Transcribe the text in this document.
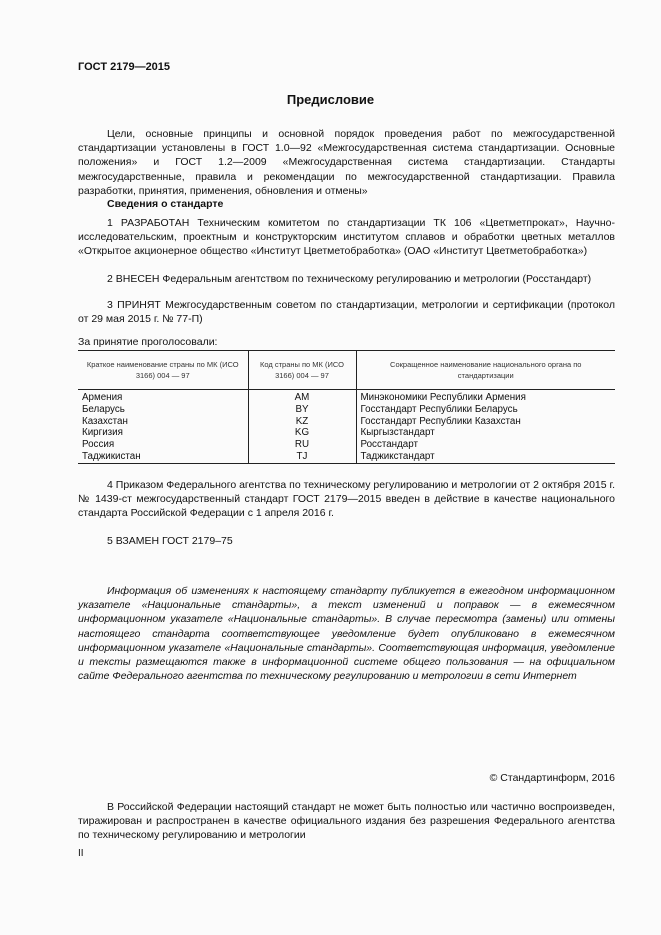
ГОСТ 2179—2015
Предисловие
Цели, основные принципы и основной порядок проведения работ по межгосударственной стандартизации установлены в ГОСТ 1.0—92 «Межгосударственная система стандартизации. Основные положения» и ГОСТ 1.2—2009 «Межгосударственная система стандартизации. Стандарты межгосударственные, правила и рекомендации по межгосударственной стандартизации. Правила разработки, принятия, применения, обновления и отмены»
Сведения о стандарте
1 РАЗРАБОТАН Техническим комитетом по стандартизации ТК 106 «Цветметпрокат», Научно-исследовательским, проектным и конструкторским институтом сплавов и обработки цветных металлов «Открытое акционерное общество «Институт Цветметобработка» (ОАО «Институт Цветметобработка»)
2 ВНЕСЕН Федеральным агентством по техническому регулированию и метрологии (Росстандарт)
3 ПРИНЯТ Межгосударственным советом по стандартизации, метрологии и сертификации (протокол от 29 мая 2015 г. № 77-П)
За принятие проголосовали:
Краткое наименование страны по МК (ИСО 3166) 004 — 97	Код страны по МК (ИСО 3166) 004 — 97	Сокращенное наименование национального органа по стандартизации
Армения	AM	Минэкономики Республики Армения
Беларусь	BY	Госстандарт Республики Беларусь
Казахстан	KZ	Госстандарт Республики Казахстан
Киргизия	KG	Кыргызстандарт
Россия	RU	Росстандарт
Таджикистан	TJ	Таджикстандарт
4 Приказом Федерального агентства по техническому регулированию и метрологии от 2 октября 2015 г. № 1439-ст межгосударственный стандарт ГОСТ 2179—2015 введен в действие в качестве национального стандарта Российской Федерации с 1 апреля 2016 г.
5 ВЗАМЕН ГОСТ 2179–75
Информация об изменениях к настоящему стандарту публикуется в ежегодном информационном указателе «Национальные стандарты», а текст изменений и поправок — в ежемесячном информационном указателе «Национальные стандарты». В случае пересмотра (замены) или отмены настоящего стандарта соответствующее уведомление будет опубликовано в ежемесячном информационном указателе «Национальные стандарты». Соответствующая информация, уведомление и тексты размещаются также в информационной системе общего пользования — на официальном сайте Федерального агентства по техническому регулированию и метрологии в сети Интернет
© Стандартинформ, 2016
В Российской Федерации настоящий стандарт не может быть полностью или частично воспроизведен, тиражирован и распространен в качестве официального издания без разрешения Федерального агентства по техническому регулированию и метрологии
II
